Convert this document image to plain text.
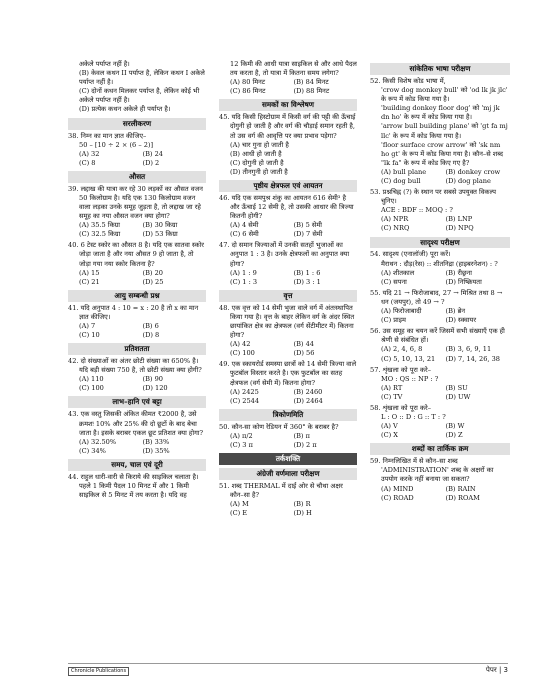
अकेले पर्याप्त नहीं है।
(B) केवल कथन II पर्याप्त है, लेकिन कथन I अकेले पर्याप्त नहीं है।
(C) दोनों कथन मिलकर पर्याप्त है, लेकिन कोई भी अकेले पर्याप्त नहीं है।
(D) प्रत्येक कथन अकेले ही पर्याप्त है।
सरलीकरण
38. निम्न का मान ज्ञात कीजिए–
50 – [10 ÷ 2 × (6 – 2)]
(A) 32	(B) 24
(C) 8	(D) 2
औसत
39. लद्दाख की यात्रा कर रहे 30 लड़कों का औसत वजन 50 किलोग्राम है। यदि एक 130 किलोग्राम वजन वाला लड़का उनके समूह जुड़ता है, तो लद्दाख जा रहे समूह का नया औसत वजन क्या होगा?
(A) 35.5 किग्रा	(B) 30 किग्रा
(C) 32.5 किग्रा	(D) 53 किग्रा
40. 6 टेस्ट स्कोर का औसत 8 है। यदि एक सातवा स्कोर जोड़ा जाता है और नया औसत 9 हो जाता है, तो जोड़ा गया नया स्कोर कितना है?
(A) 15	(B) 20
(C) 21	(D) 25
आयु सम्बन्धी प्रश्न
41. यदि अनुपात 4 : 10 = x : 20 है तो x का मान ज्ञात कीजिए।
(A) 7	(B) 6
(C) 10	(D) 8
प्रतिशतता
42. दो संख्याओं का अंतर छोटी संख्या का 650% है। यदि बड़ी संख्या 750 है, तो छोटी संख्या क्या होगी?
(A) 110	(B) 90
(C) 100	(D) 120
लाभ–हानि एवं बट्टा
43. एक वस्तु जिसकी अंकित कीमत ₹2000 है, उसे क्रमशः 10% और 25% की दो छूटों के बाद बेचा जाता है। इसके बराबर एकल छूट प्रतिशत क्या होगा?
(A) 32.50%	(B) 33%
(C) 34%	(D) 35%
समय, चाल एवं दूरी
44. राहुल धारी-वारी से किराये की साइकिल चलाता है। पहले 1 किमी पैदल 10 मिनट में और 1 किमी साइकिल से 5 मिनट में तय करता है। यदि वह
12 किमी की आधी यात्रा साइकिल से और आधे पैदल तय करता है, तो यात्रा में कितना समय लगेगा?
(A) 80 मिनट	(B) 84 मिनट
(C) 86 मिनट	(D) 88 मिनट
समकों का विश्लेषण
45. यदि किसी हिस्टोग्राम में किसी वर्ग की पट्टी की ऊँचाई दोगुनी हो जाती है और वर्ग की चौड़ाई समान रहती है, तो उस वर्ग की आवृत्ति पर क्या प्रभाव पड़ेगा?
(A) चार गुना हो जाती है
(B) आधी हो जाती है
(C) दोगुनी हो जाती है
(D) तीनगुनी हो जाती है
पृष्ठीय क्षेत्रफल एवं आयतन
46. यदि एक समपुश्र शंकु का आयतन 616 सेमी³ है और ऊँचाई 12 सेमी है, तो उसकी आधार की त्रिज्या कितनी होगी?
(A) 4 सेमी	(B) 5 सेमी
(C) 6 सेमी	(D) 7 सेमी
47. दो समान त्रिज्याओं में उनकी सतहों भुजाओं का अनुपात 1 : 3 है। उनके क्षेत्रफलों का अनुपात क्या होगा?
(A) 1 : 9	(B) 1 : 6
(C) 1 : 3	(D) 3 : 1
वृत्त
48. एक वृत्त को 14 सेमी भुजा वाले वर्ग में अंतःस्थापित किया गया है। वृत्त के बाहर लेकिन वर्ग के अंदर स्थित छायांकित क्षेत्र का क्षेत्रफल (वर्ग सेंटीमीटर में) कितना होगा?
(A) 42	(B) 44
(C) 100	(D) 56
49. एक स्कायरोर्ड समस्या छात्रों को 14 सेमी त्रिज्या वाले फुटबॉल विस्तार करते है। एक फुटबॉल का सतह क्षेत्रफल (वर्ग सेमी में) कितना होगा?
(A) 2425	(B) 2460
(C) 2544	(D) 2464
त्रिकोणमिति
50. कौन-सा कोण रेडियन में 360° के बराबर है?
(A) π/2	(B) π
(C) 3 π	(D) 2 π
तर्कशक्ति
अंग्रेजी वर्णमाला परीक्षण
51. शब्द THERMAL में दाईं ओर से चौथा अक्षर कौन–सा है?
(A) M	(B) R
(C) E	(D) H
सांकेतिक भाषा परीक्षण
52. किसी विशेष कोड भाषा में,
'crow dog monkey bull' को 'od lk jk jlc' के रूप में कोड किया गया है।
'building donkey floor dog' को 'mj jk dn ho' के रूप में कोड किया गया है।
'arrow bull building plane' को 'gt fa mj llc' के रूप में कोड किया गया है।
'floor surface crow arrow' को 'sk nm ho gt' के रूप में कोड किया गया है। कौन–से शब्द "lk fa" के रूप में कोड किए गए है?
(A) bull plane	(B) donkey crow
(C) dog bull	(D) dog plane
53. प्रश्नचिह्न (?) के स्थान पर सबसे उपयुक्त विकल्प चुनिए।
ACE : BDF :: MOQ : ?
(A) NPR	(B) LNP
(C) NRQ	(D) NPQ
सादृश्य परीक्षण
54. सादृश्य (एनालॉजी) पूरा करें।
मैराथन : दौड़(रेस) :: शीतनिद्रा (हाइबरनेशन) : ?
(A) शीतकाल	(B) रीछ्रना
(C) सपना	(D) निष्क्रियता
55. यदि 21 → फिरोजाबाद, 27 → मिश्रित तथा 8 → धन (जयपुर), तो 49 → ?
(A) फिरोजाबादी	(B) ब्रेन
(C) प्राइम	(D) स्क्वायर
56. उस समूह का चयन करें जिसमें सभी संख्याएँ एक ही श्रेणी से संबंधित हों।
(A) 2, 4, 6, 8	(B) 3, 6, 9, 11
(C) 5, 10, 13, 21	(D) 7, 14, 26, 38
57. शृंखला को पूरा करे–
MO : QS :: NP : ?
(A) RT	(B) SU
(C) TV	(D) UW
58. शृंखला को पूरा करे–
L : O :: D : G :: T : ?
(A) V	(B) W
(C) X	(D) Z
शब्दों का तार्किक क्रम
59. निम्नलिखित में से कौन–सा शब्द 'ADMINISTRATION' शब्द के अक्षरों का उपयोग करके नहीं बनाया जा सकता?
(A) MIND	(B) RAIN
(C) ROAD	(D) ROAM
Chronicle Publications	पेपर | 3
